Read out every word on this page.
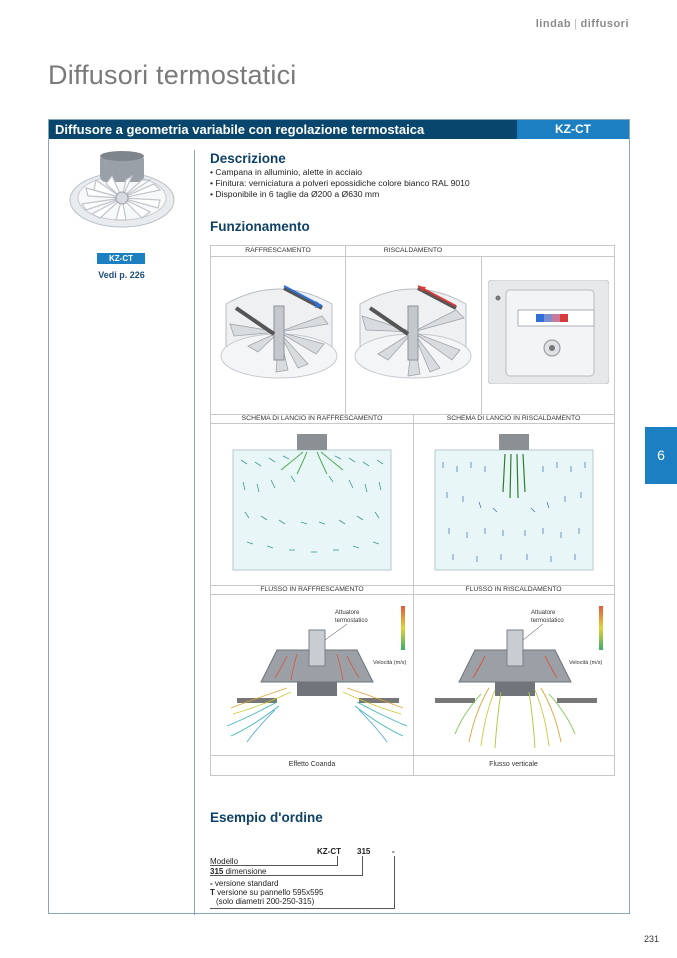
lindab | diffusori
Diffusori termostatici
Diffusore a geometria variabile con regolazione termostaica	KZ-CT
KZ-CT
Vedi p. 226
Descrizione
• Campana in alluminio, alette in acciaio
• Finitura: verniciatura a polveri epossidiche colore bianco RAL 9010
• Disponibile in 6 taglie da Ø200 a Ø630 mm
Funzionamento
RAFFRESCAMENTO	RISCALDAMENTO
SCHEMA DI LANCIO IN RAFFRESCAMENTO	SCHEMA DI LANCIO IN RISCALDAMENTO
FLUSSO IN RAFFRESCAMENTO	FLUSSO IN RISCALDAMENTO
Attuatore
termostatico
Velocità (m/s)
Attuatore
termostatico
Velocità (m/s)
Effetto Coanda	Flusso verticale
Esempio d'ordine
KZ-CT 315	-
Modello
315 dimensione
- versione standard
T versione su pannello 595x595
(solo diametri 200-250-315)
6
231
